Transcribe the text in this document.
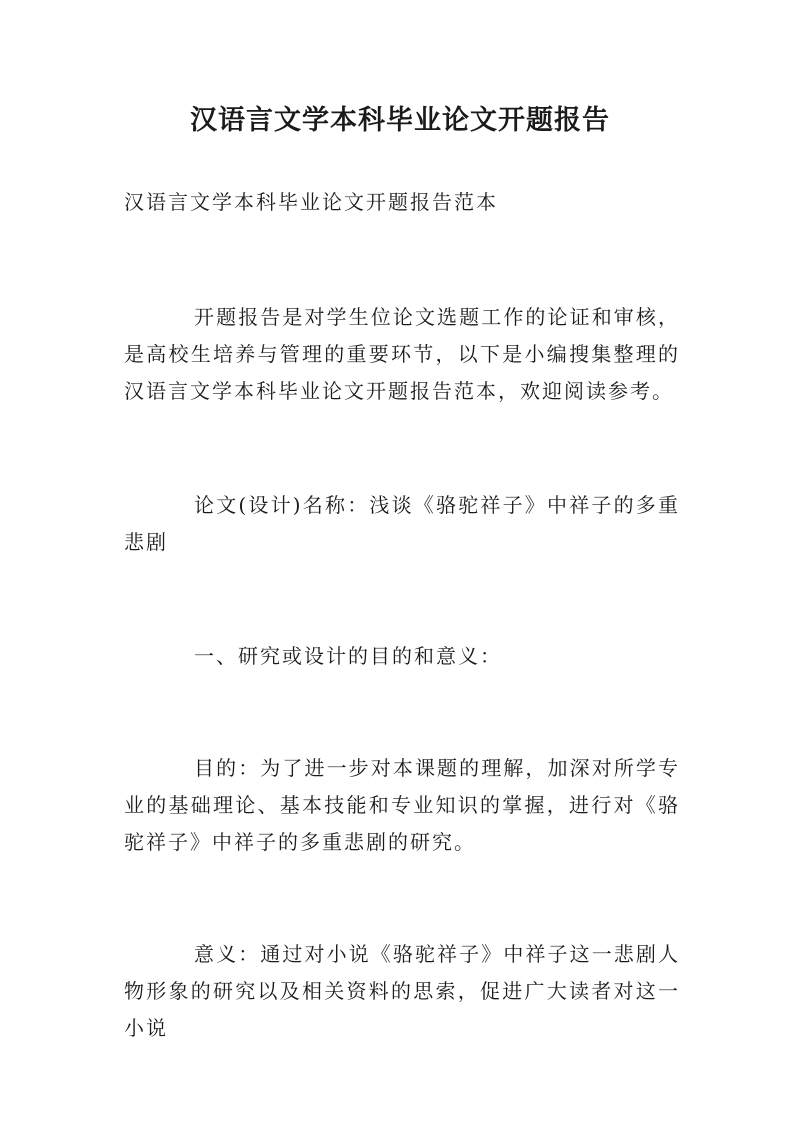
汉语言文学本科毕业论文开题报告

汉语言文学本科毕业论文开题报告范本

开题报告是对学生位论文选题工作的论证和审核，是高校生培养与管理的重要环节，以下是小编搜集整理的汉语言文学本科毕业论文开题报告范本，欢迎阅读参考。

论文(设计)名称：浅谈《骆驼祥子》中祥子的多重悲剧

一、研究或设计的目的和意义：

目的：为了进一步对本课题的理解，加深对所学专业的基础理论、基本技能和专业知识的掌握，进行对《骆驼祥子》中祥子的多重悲剧的研究。

意义：通过对小说《骆驼祥子》中祥子这一悲剧人物形象的研究以及相关资料的思索，促进广大读者对这一小说
